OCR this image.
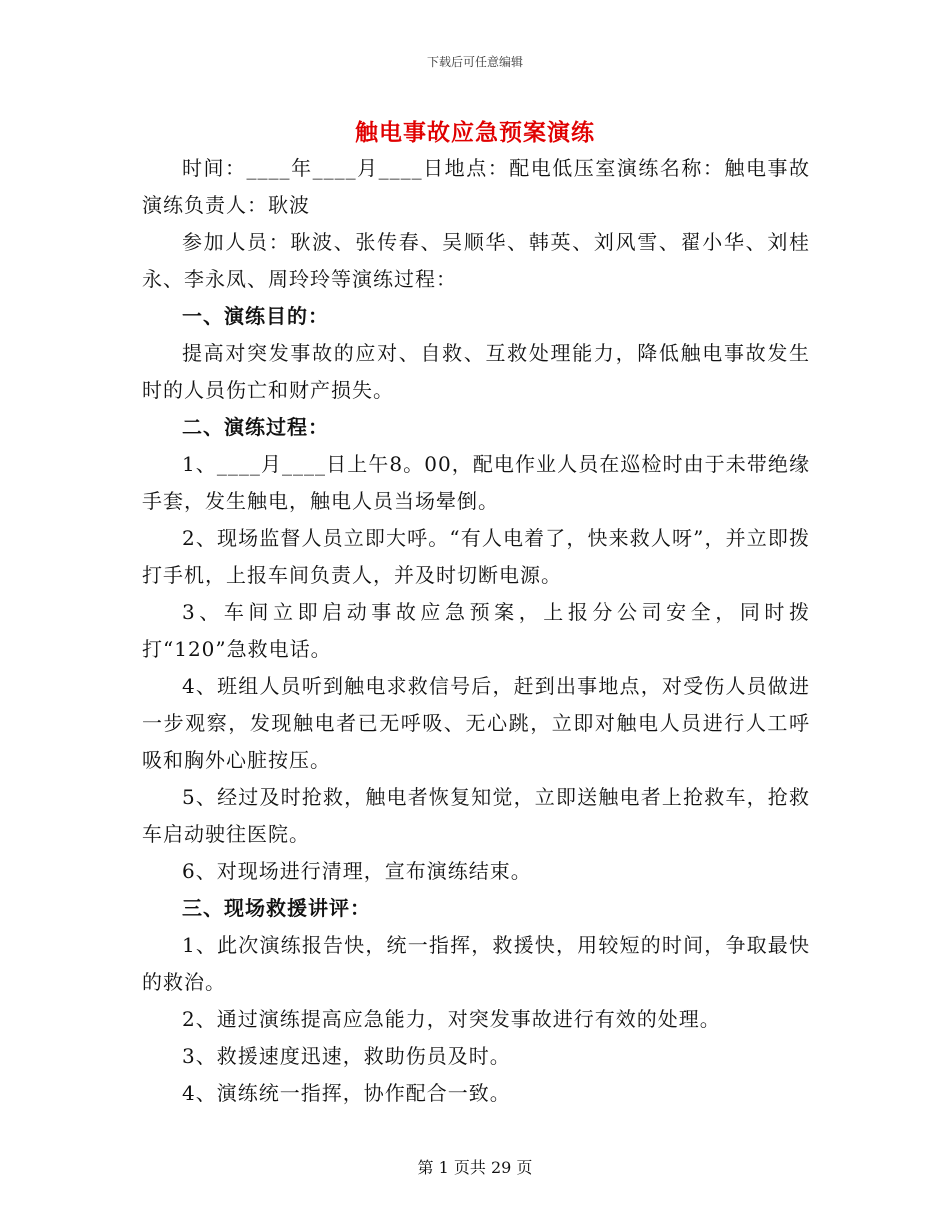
下载后可任意编辑
触电事故应急预案演练

时间：____年____月____日地点：配电低压室演练名称：触电事故演练负责人：耿波

参加人员：耿波、张传春、吴顺华、韩英、刘风雪、翟小华、刘桂永、李永凤、周玲玲等演练过程：

一、演练目的：

提高对突发事故的应对、自救、互救处理能力，降低触电事故发生时的人员伤亡和财产损失。

二、演练过程：

1、____月____日上午8。00，配电作业人员在巡检时由于未带绝缘手套，发生触电，触电人员当场晕倒。

2、现场监督人员立即大呼。“有人电着了，快来救人呀”，并立即拨打手机，上报车间负责人，并及时切断电源。

3、车间立即启动事故应急预案，上报分公司安全，同时拨打“120”急救电话。

4、班组人员听到触电求救信号后，赶到出事地点，对受伤人员做进一步观察，发现触电者已无呼吸、无心跳，立即对触电人员进行人工呼吸和胸外心脏按压。

5、经过及时抢救，触电者恢复知觉，立即送触电者上抢救车，抢救车启动驶往医院。

6、对现场进行清理，宣布演练结束。

三、现场救援讲评：

1、此次演练报告快，统一指挥，救援快，用较短的时间，争取最快的救治。

2、通过演练提高应急能力，对突发事故进行有效的处理。

3、救援速度迅速，救助伤员及时。

4、演练统一指挥，协作配合一致。

第 1 页共 29 页
